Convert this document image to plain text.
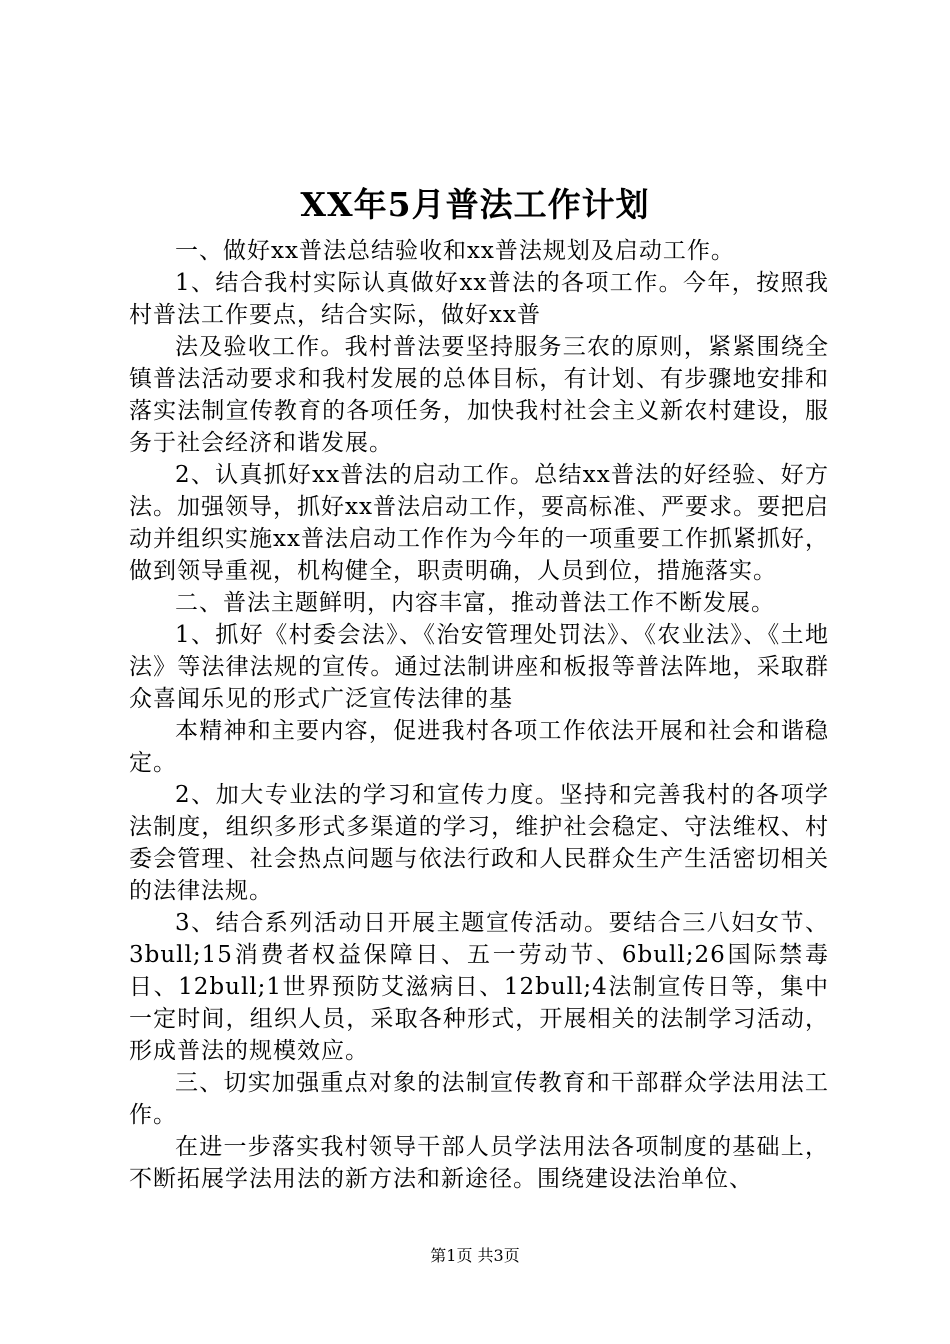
XX年5月普法工作计划

一、做好xx普法总结验收和xx普法规划及启动工作。

1、结合我村实际认真做好xx普法的各项工作。今年，按照我村普法工作要点，结合实际，做好xx普

法及验收工作。我村普法要坚持服务三农的原则，紧紧围绕全镇普法活动要求和我村发展的总体目标，有计划、有步骤地安排和落实法制宣传教育的各项任务，加快我村社会主义新农村建设，服务于社会经济和谐发展。

2、认真抓好xx普法的启动工作。总结xx普法的好经验、好方法。加强领导，抓好xx普法启动工作，要高标准、严要求。要把启动并组织实施xx普法启动工作作为今年的一项重要工作抓紧抓好，做到领导重视，机构健全，职责明确，人员到位，措施落实。

二、普法主题鲜明，内容丰富，推动普法工作不断发展。

1、抓好《村委会法》、《治安管理处罚法》、《农业法》、《土地法》等法律法规的宣传。通过法制讲座和板报等普法阵地，采取群众喜闻乐见的形式广泛宣传法律的基

本精神和主要内容，促进我村各项工作依法开展和社会和谐稳定。

2、加大专业法的学习和宣传力度。坚持和完善我村的各项学法制度，组织多形式多渠道的学习，维护社会稳定、守法维权、村委会管理、社会热点问题与依法行政和人民群众生产生活密切相关的法律法规。

3、结合系列活动日开展主题宣传活动。要结合三八妇女节、3bull;15消费者权益保障日、五一劳动节、6bull;26国际禁毒日、12bull;1世界预防艾滋病日、12bull;4法制宣传日等，集中一定时间，组织人员，采取各种形式，开展相关的法制学习活动，形成普法的规模效应。

三、切实加强重点对象的法制宣传教育和干部群众学法用法工作。

在进一步落实我村领导干部人员学法用法各项制度的基础上，不断拓展学法用法的新方法和新途径。围绕建设法治单位、

第1页 共3页
